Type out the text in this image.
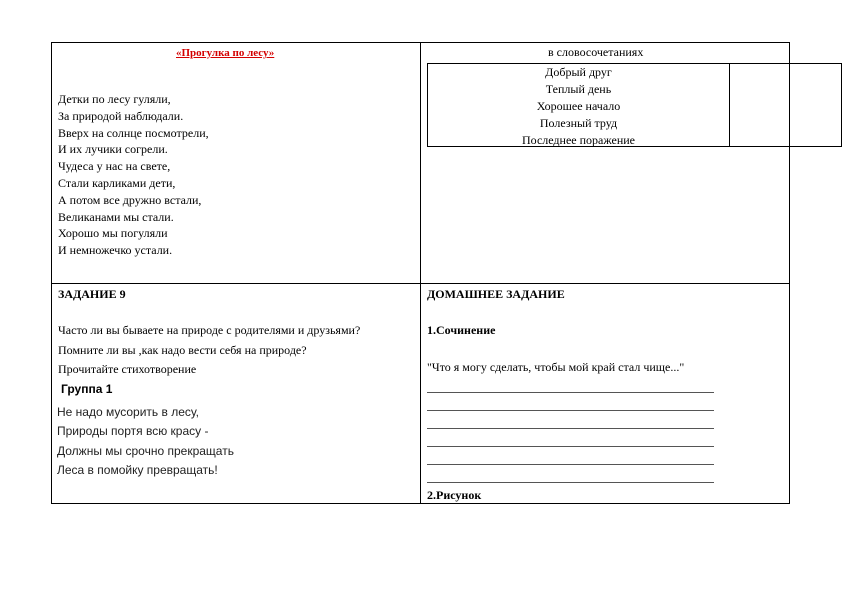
«Прогулка по лесу»
Детки по лесу гуляли,
За природой наблюдали.
Вверх на солнце посмотрели,
И их лучики согрели.
Чудеса у нас на свете,
Стали карликами дети,
А потом все дружно встали,
Великанами мы стали.
Хорошо мы погуляли
И немножечко устали.
в словосочетаниях
Добрый друг
Теплый день
Хорошее начало
Полезный труд
Последнее поражение
ЗАДАНИЕ 9
Часто ли вы бываете на природе с родителями и друзьями?
Помните ли вы ,как надо вести себя на природе?
Прочитайте стихотворение
Группа 1
Не надо мусорить в лесу,
Природы портя всю красу -
Должны мы срочно прекращать
Леса в помойку превращать!
ДОМАШНЕЕ ЗАДАНИЕ
1.Сочинение
"Что я могу сделать, чтобы мой край стал чище..."
2.Рисунок
